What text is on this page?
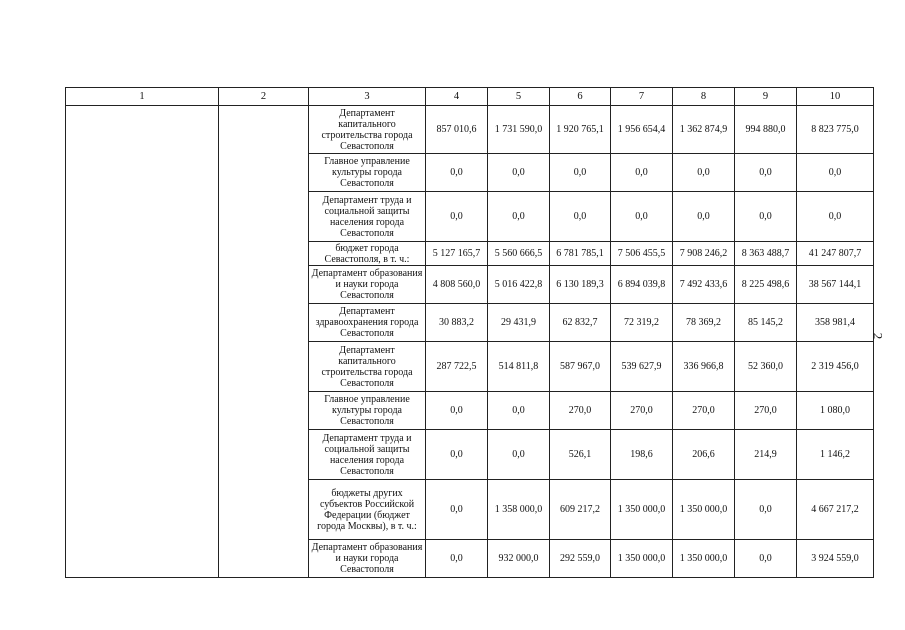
1	2	3	4	5	6	7	8	9	10
		Департамент капитального строительства города Севастополя	857 010,6	1 731 590,0	1 920 765,1	1 956 654,4	1 362 874,9	994 880,0	8 823 775,0
		Главное управление культуры города Севастополя	0,0	0,0	0,0	0,0	0,0	0,0	0,0
		Департамент труда и социальной защиты населения города Севастополя	0,0	0,0	0,0	0,0	0,0	0,0	0,0
		бюджет города Севастополя, в т. ч.:	5 127 165,7	5 560 666,5	6 781 785,1	7 506 455,5	7 908 246,2	8 363 488,7	41 247 807,7
		Департамент образования и науки города Севастополя	4 808 560,0	5 016 422,8	6 130 189,3	6 894 039,8	7 492 433,6	8 225 498,6	38 567 144,1
		Департамент здравоохранения города Севастополя	30 883,2	29 431,9	62 832,7	72 319,2	78 369,2	85 145,2	358 981,4
		Департамент капитального строительства города Севастополя	287 722,5	514 811,8	587 967,0	539 627,9	336 966,8	52 360,0	2 319 456,0
		Главное управление культуры города Севастополя	0,0	0,0	270,0	270,0	270,0	270,0	1 080,0
		Департамент труда и социальной защиты населения города Севастополя	0,0	0,0	526,1	198,6	206,6	214,9	1 146,2
		бюджеты других субъектов Российской Федерации (бюджет города Москвы), в т. ч.:	0,0	1 358 000,0	609 217,2	1 350 000,0	1 350 000,0	0,0	4 667 217,2
		Департамент образования и науки города Севастополя	0,0	932 000,0	292 559,0	1 350 000,0	1 350 000,0	0,0	3 924 559,0
2
